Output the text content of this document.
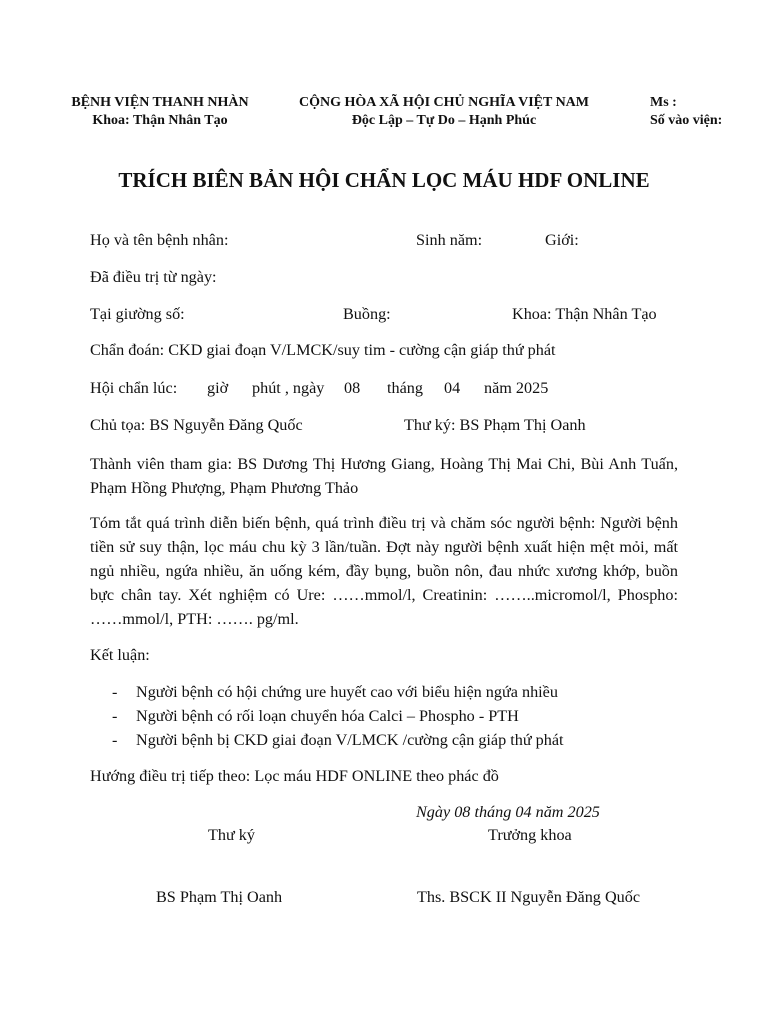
BỆNH VIỆN THANH NHÀN
Khoa: Thận Nhân Tạo
CỘNG HÒA XÃ HỘI CHỦ NGHĨA VIỆT NAM
Độc Lập – Tự Do – Hạnh Phúc
Ms :
Số vào viện:
TRÍCH BIÊN BẢN HỘI CHẨN LỌC MÁU HDF ONLINE
Họ và tên bệnh nhân:	Sinh năm:	Giới:
Đã điều trị từ ngày:
Tại giường số:	Buồng:	Khoa: Thận Nhân Tạo
Chẩn đoán: CKD giai đoạn V/LMCK/suy tim - cường cận giáp thứ phát
Hội chẩn lúc: giờ phút , ngày 08 tháng 04 năm 2025
Chủ tọa: BS Nguyễn Đăng Quốc	Thư ký: BS Phạm Thị Oanh
Thành viên tham gia: BS Dương Thị Hương Giang, Hoàng Thị Mai Chi, Bùi Anh Tuấn, Phạm Hồng Phượng, Phạm Phương Thảo
Tóm tắt quá trình diễn biến bệnh, quá trình điều trị và chăm sóc người bệnh: Người bệnh tiền sử suy thận, lọc máu chu kỳ 3 lần/tuần. Đợt này người bệnh xuất hiện mệt mỏi, mất ngủ nhiều, ngứa nhiều, ăn uống kém, đầy bụng, buồn nôn, đau nhức xương khớp, buồn bực chân tay. Xét nghiệm có Ure: ……mmol/l, Creatinin: ……..micromol/l, Phospho: ……mmol/l, PTH: ……. pg/ml.
Kết luận:
- Người bệnh có hội chứng ure huyết cao với biểu hiện ngứa nhiều
- Người bệnh có rối loạn chuyển hóa Calci – Phospho - PTH
- Người bệnh bị CKD giai đoạn V/LMCK /cường cận giáp thứ phát
Hướng điều trị tiếp theo: Lọc máu HDF ONLINE theo phác đồ
Ngày 08 tháng 04 năm 2025
Thư ký	Trưởng khoa
BS Phạm Thị Oanh	Ths. BSCK II Nguyễn Đăng Quốc
